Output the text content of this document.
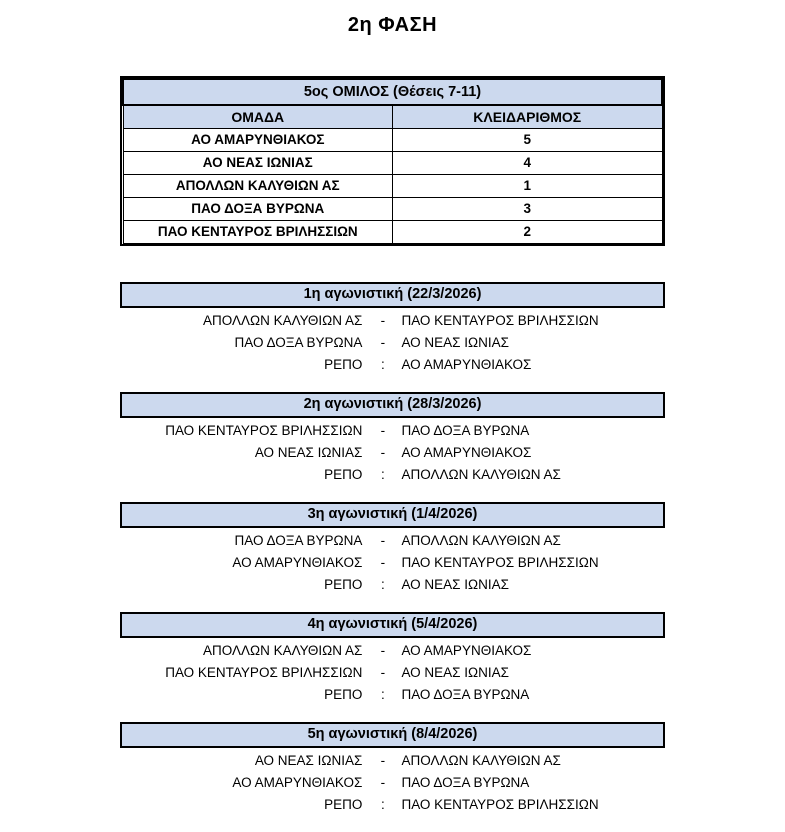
2η ΦΑΣΗ
5ος ΟΜΙΛΟΣ (Θέσεις 7-11)	
ΟΜΑΔΑ	ΚΛΕΙΔΑΡΙΘΜΟΣ
ΑΟ ΑΜΑΡΥΝΘΙΑΚΟΣ	5
ΑΟ ΝΕΑΣ ΙΩΝΙΑΣ	4
ΑΠΟΛΛΩΝ ΚΑΛΥΘΙΩΝ ΑΣ	1
ΠΑΟ ΔΟΞΑ ΒΥΡΩΝΑ	3
ΠΑΟ ΚΕΝΤΑΥΡΟΣ ΒΡΙΛΗΣΣΙΩΝ	2
1η αγωνιστική (22/3/2026)
ΑΠΟΛΛΩΝ ΚΑΛΥΘΙΩΝ ΑΣ	-	ΠΑΟ ΚΕΝΤΑΥΡΟΣ ΒΡΙΛΗΣΣΙΩΝ
ΠΑΟ ΔΟΞΑ ΒΥΡΩΝΑ	-	ΑΟ ΝΕΑΣ ΙΩΝΙΑΣ
ΡΕΠΟ	:	ΑΟ ΑΜΑΡΥΝΘΙΑΚΟΣ
2η αγωνιστική (28/3/2026)
ΠΑΟ ΚΕΝΤΑΥΡΟΣ ΒΡΙΛΗΣΣΙΩΝ	-	ΠΑΟ ΔΟΞΑ ΒΥΡΩΝΑ
ΑΟ ΝΕΑΣ ΙΩΝΙΑΣ	-	ΑΟ ΑΜΑΡΥΝΘΙΑΚΟΣ
ΡΕΠΟ	:	ΑΠΟΛΛΩΝ ΚΑΛΥΘΙΩΝ ΑΣ
3η αγωνιστική (1/4/2026)
ΠΑΟ ΔΟΞΑ ΒΥΡΩΝΑ	-	ΑΠΟΛΛΩΝ ΚΑΛΥΘΙΩΝ ΑΣ
ΑΟ ΑΜΑΡΥΝΘΙΑΚΟΣ	-	ΠΑΟ ΚΕΝΤΑΥΡΟΣ ΒΡΙΛΗΣΣΙΩΝ
ΡΕΠΟ	:	ΑΟ ΝΕΑΣ ΙΩΝΙΑΣ
4η αγωνιστική (5/4/2026)
ΑΠΟΛΛΩΝ ΚΑΛΥΘΙΩΝ ΑΣ	-	ΑΟ ΑΜΑΡΥΝΘΙΑΚΟΣ
ΠΑΟ ΚΕΝΤΑΥΡΟΣ ΒΡΙΛΗΣΣΙΩΝ	-	ΑΟ ΝΕΑΣ ΙΩΝΙΑΣ
ΡΕΠΟ	:	ΠΑΟ ΔΟΞΑ ΒΥΡΩΝΑ
5η αγωνιστική (8/4/2026)
ΑΟ ΝΕΑΣ ΙΩΝΙΑΣ	-	ΑΠΟΛΛΩΝ ΚΑΛΥΘΙΩΝ ΑΣ
ΑΟ ΑΜΑΡΥΝΘΙΑΚΟΣ	-	ΠΑΟ ΔΟΞΑ ΒΥΡΩΝΑ
ΡΕΠΟ	:	ΠΑΟ ΚΕΝΤΑΥΡΟΣ ΒΡΙΛΗΣΣΙΩΝ
